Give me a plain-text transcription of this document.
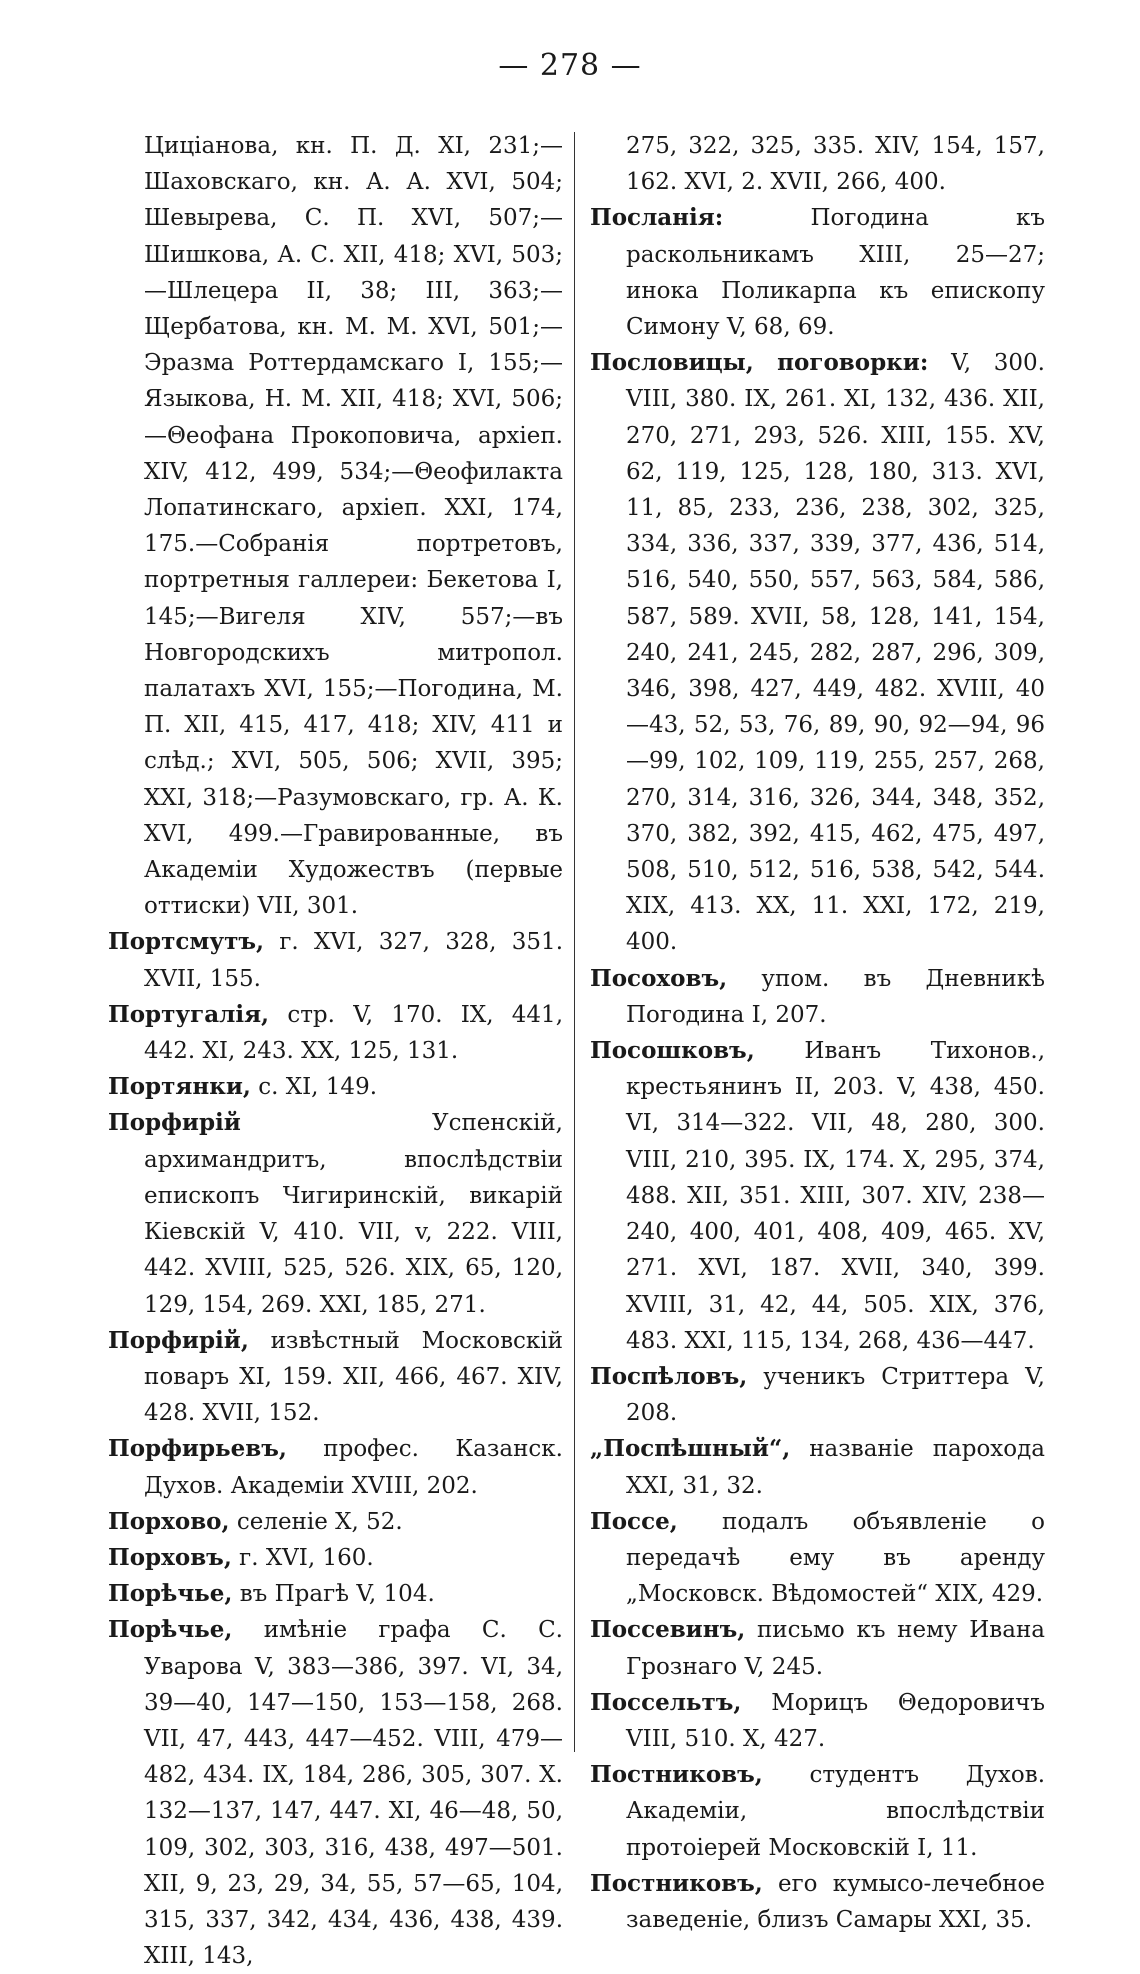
— 278 —

Цицiанова, кн. П. Д. XI, 231;—Шаховскаго, кн. А. А. XVI, 504; Шевырева, С. П. XVI, 507;—Шишкова, А. С. XII, 418; XVI, 503;—Шлецера II, 38; III, 363;—Щербатова, кн. М. М. XVI, 501;—Эразма Роттердамскаго I, 155;—Языкова, Н. М. XII, 418; XVI, 506;—Θеофана Прокоповича, архiеп. XIV, 412, 499, 534;—Θеофилакта Лопатинскаго, архiеп. XXI, 174, 175.—Собранiя портретовъ, портретныя галлереи: Бекетова I, 145;—Вигеля XIV, 557;—въ Новгородскихъ митропол. палатахъ XVI, 155;—Погодина, М. П. XII, 415, 417, 418; XIV, 411 и слѣд.; XVI, 505, 506; XVII, 395; XXI, 318;—Разумовскаго, гр. А. К. XVI, 499.—Гравированные, въ Академiи Художествъ (первые оттиски) VII, 301.

Портсмутъ, г. XVI, 327, 328, 351. XVII, 155.

Португалiя, стр. V, 170. IX, 441, 442. XI, 243. XX, 125, 131.

Портянки, с. XI, 149.

Порфирiй	Успенскiй, архимандритъ, впослѣдствiи епископъ Чигиринскiй, викарiй Кiевскiй V, 410. VII, v, 222. VIII, 442. XVIII, 525, 526. XIX, 65, 120, 129, 154, 269. XXI, 185, 271.

Порфирiй, извѣстный Московскiй поваръ XI, 159. XII, 466, 467. XIV, 428. XVII, 152.

Порфирьевъ, профес. Казанск. Духов. Академiи XVIII, 202.

Порхово, селенiе X, 52.

Порховъ, г. XVI, 160.

Порѣчье, въ Прагѣ V, 104.

Порѣчье, имѣнiе графа С. С. Уварова V, 383—386, 397. VI, 34, 39—40, 147—150, 153—158, 268. VII, 47, 443, 447—452. VIII, 479—482, 434. IX, 184, 286, 305, 307. X. 132—137, 147, 447. XI, 46—48, 50, 109, 302, 303, 316, 438, 497—501. XII, 9, 23, 29, 34, 55, 57—65, 104, 315, 337, 342, 434, 436, 438, 439. XIII, 143,

275, 322, 325, 335. XIV, 154, 157, 162. XVI, 2. XVII, 266, 400.

Посланiя:	Погодина къ раскольникамъ XIII, 25—27; инока Поликарпа къ епископу Симону V, 68, 69.

Пословицы, поговорки: V, 300. VIII, 380. IX, 261. XI, 132, 436. XII, 270, 271, 293, 526. XIII, 155. XV, 62, 119, 125, 128, 180, 313. XVI, 11, 85, 233, 236, 238, 302, 325, 334, 336, 337, 339, 377, 436, 514, 516, 540, 550, 557, 563, 584, 586, 587, 589. XVII, 58, 128, 141, 154, 240, 241, 245, 282, 287, 296, 309, 346, 398, 427, 449, 482. XVIII, 40—43, 52, 53, 76, 89, 90, 92—94, 96—99, 102, 109, 119, 255, 257, 268, 270, 314, 316, 326, 344, 348, 352, 370, 382, 392, 415, 462, 475, 497, 508, 510, 512, 516, 538, 542, 544. XIX, 413. XX, 11. XXI, 172, 219, 400.

Посоховъ, упом. въ Дневникѣ Погодина I, 207.

Посошковъ, Иванъ Тихонов., крестьянинъ II, 203. V, 438, 450. VI, 314—322. VII, 48, 280, 300. VIII, 210, 395. IX, 174. X, 295, 374, 488. XII, 351. XIII, 307. XIV, 238—240, 400, 401, 408, 409, 465. XV, 271. XVI, 187. XVII, 340, 399. XVIII, 31, 42, 44, 505. XIX, 376, 483. XXI, 115, 134, 268, 436—447.

Поспѣловъ, ученикъ Стриттера V, 208.

„Поспѣшный“, названiе парохода XXI, 31, 32.

Поссе, подалъ объявленiе о передачѣ ему въ аренду „Московск. Вѣдомостей“ XIX, 429.

Поссевинъ, письмо къ нему Ивана Грознаго V, 245.

Поссельтъ, Морицъ Θедоровичъ VIII, 510. X, 427.

Постниковъ, студентъ Духов. Академiи, впослѣдствiи протоiерей Московскiй I, 11.

Постниковъ, его кумысо-лечебное заведенiе, близъ Самары XXI, 35.
